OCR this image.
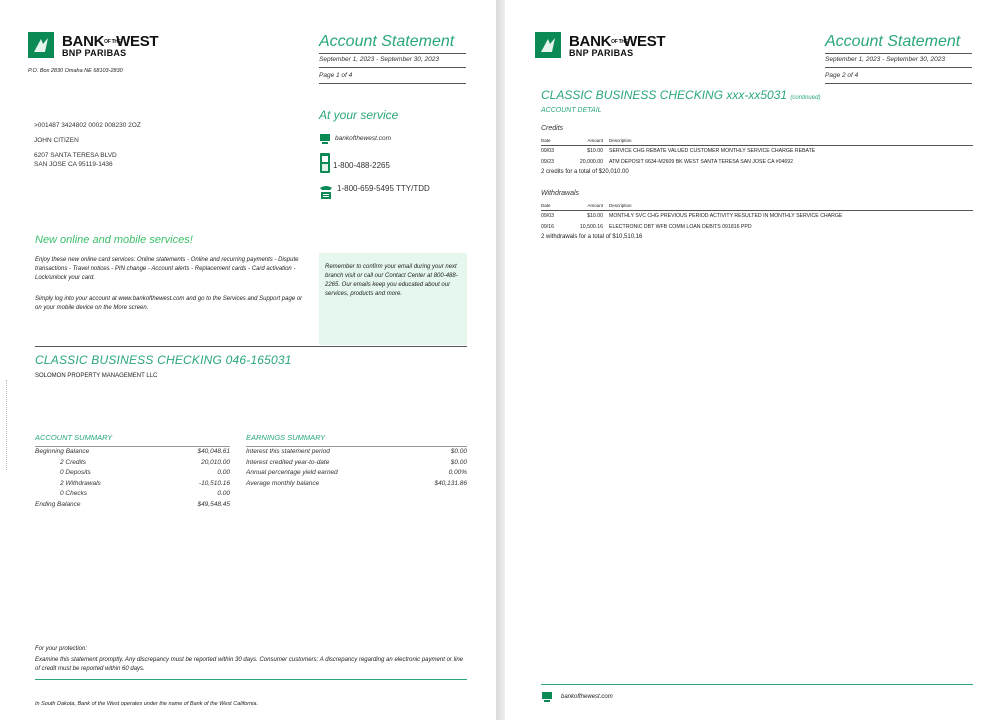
BANKOF THEWEST
BNP PARIBAS
P.O. Box 2830 Omaha NE 68103-2830
Account Statement
September 1, 2023 - September 30, 2023
Page 1 of 4
>001487 3424802 0002 008230 2OZ
JOHN CITIZEN
6207 SANTA TERESA BLVD
SAN JOSE CA 95119-1436
At your service
bankofthewest.com
1-800-488-2265
1-800-659-5495 TTY/TDD
New online and mobile services!
Enjoy these new online card services: Online statements - Online and recurring payments - Dispute transactions - Travel notices - PIN change - Account alerts - Replacement cards - Card activation - Lock/unlock your card.
Simply log into your account at www.bankofthewest.com and go to the Services and Support page or on your mobile device on the More screen.
Remember to confirm your email during your next branch visit or call our Contact Center at 800-488-2265. Our emails keep you educated about our services, products and more.
CLASSIC BUSINESS CHECKING 046-165031
SOLOMON PROPERTY MANAGEMENT LLC
ACCOUNT SUMMARY
Beginning Balance	$40,048.61
2 Credits	20,010.00
0 Deposits	0.00
2 Withdrawals	-10,510.16
0 Checks	0.00
Ending Balance	$49,548.45
EARNINGS SUMMARY
Interest this statement period	$0.00
Interest credited year-to-date	$0.00
Annual percentage yield earned	0.00%
Average monthly balance	$40,131.86
For your protection:
Examine this statement promptly. Any discrepancy must be reported within 30 days. Consumer customers: A discrepancy regarding an electronic payment or line of credit must be reported within 60 days.
In South Dakota, Bank of the West operates under the name of Bank of the West California.
BANKOF THEWEST
BNP PARIBAS
Account Statement
September 1, 2023 - September 30, 2023
Page 2 of 4
CLASSIC BUSINESS CHECKING xxx-xx5031 (continued)
ACCOUNT DETAIL
Credits
Date	Amount	Description
09/03	$10.00	SERVICE CHG REBATE VALUED CUSTOMER MONTHLY SERVICE CHARGE REBATE
09/23	20,000.00	ATM DEPOSIT 6634-M2609 BK WEST SANTA TERESA SAN JOSE CA #04692
2 credits for a total of $20,010.00
Withdrawals
Date	Amount	Description
09/03	$10.00	MONTHLY SVC CHG PREVIOUS PERIOD ACTIVITY RESULTED IN MONTHLY SERVICE CHARGE
09/16	10,500.16	ELECTRONIC DBT WFB COMM LOAN DEBITS 091816 PPD
2 withdrawals for a total of $10,510.16
bankofthewest.com
